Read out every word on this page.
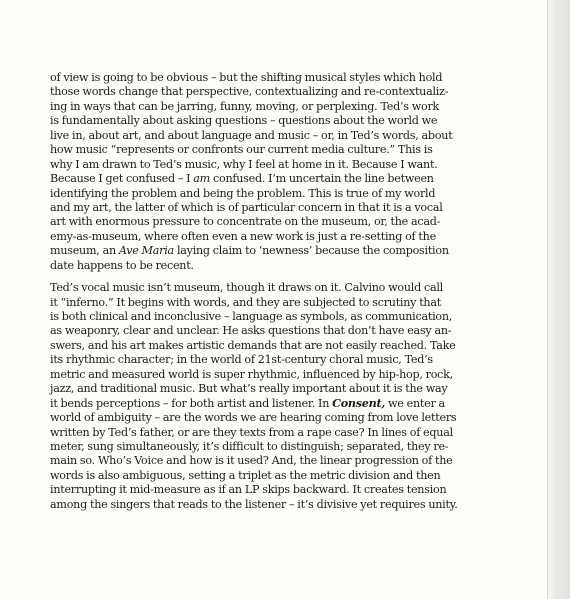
of view is going to be obvious – but the shifting musical styles which hold
those words change that perspective, contextualizing and re-contextualiz-
ing in ways that can be jarring, funny, moving, or perplexing. Ted’s work
is fundamentally about asking questions – questions about the world we
live in, about art, and about language and music – or, in Ted’s words, about
how music “represents or confronts our current media culture.” This is
why I am drawn to Ted’s music, why I feel at home in it. Because I want.
Because I get confused – I am confused. I’m uncertain the line between
identifying the problem and being the problem. This is true of my world
and my art, the latter of which is of particular concern in that it is a vocal
art with enormous pressure to concentrate on the museum, or, the acad-
emy-as-museum, where often even a new work is just a re-setting of the
museum, an Ave Maria laying claim to ‘newness’ because the composition
date happens to be recent.
Ted’s vocal music isn’t museum, though it draws on it. Calvino would call
it “inferno.” It begins with words, and they are subjected to scrutiny that
is both clinical and inconclusive – language as symbols, as communication,
as weaponry, clear and unclear. He asks questions that don’t have easy an-
swers, and his art makes artistic demands that are not easily reached. Take
its rhythmic character; in the world of 21st-century choral music, Ted’s
metric and measured world is super rhythmic, influenced by hip-hop, rock,
jazz, and traditional music. But what’s really important about it is the way
it bends perceptions – for both artist and listener. In Consent, we enter a
world of ambiguity – are the words we are hearing coming from love letters
written by Ted’s father, or are they texts from a rape case? In lines of equal
meter, sung simultaneously, it’s difficult to distinguish; separated, they re-
main so. Who’s Voice and how is it used? And, the linear progression of the
words is also ambiguous, setting a triplet as the metric division and then
interrupting it mid-measure as if an LP skips backward. It creates tension
among the singers that reads to the listener – it’s divisive yet requires unity.
